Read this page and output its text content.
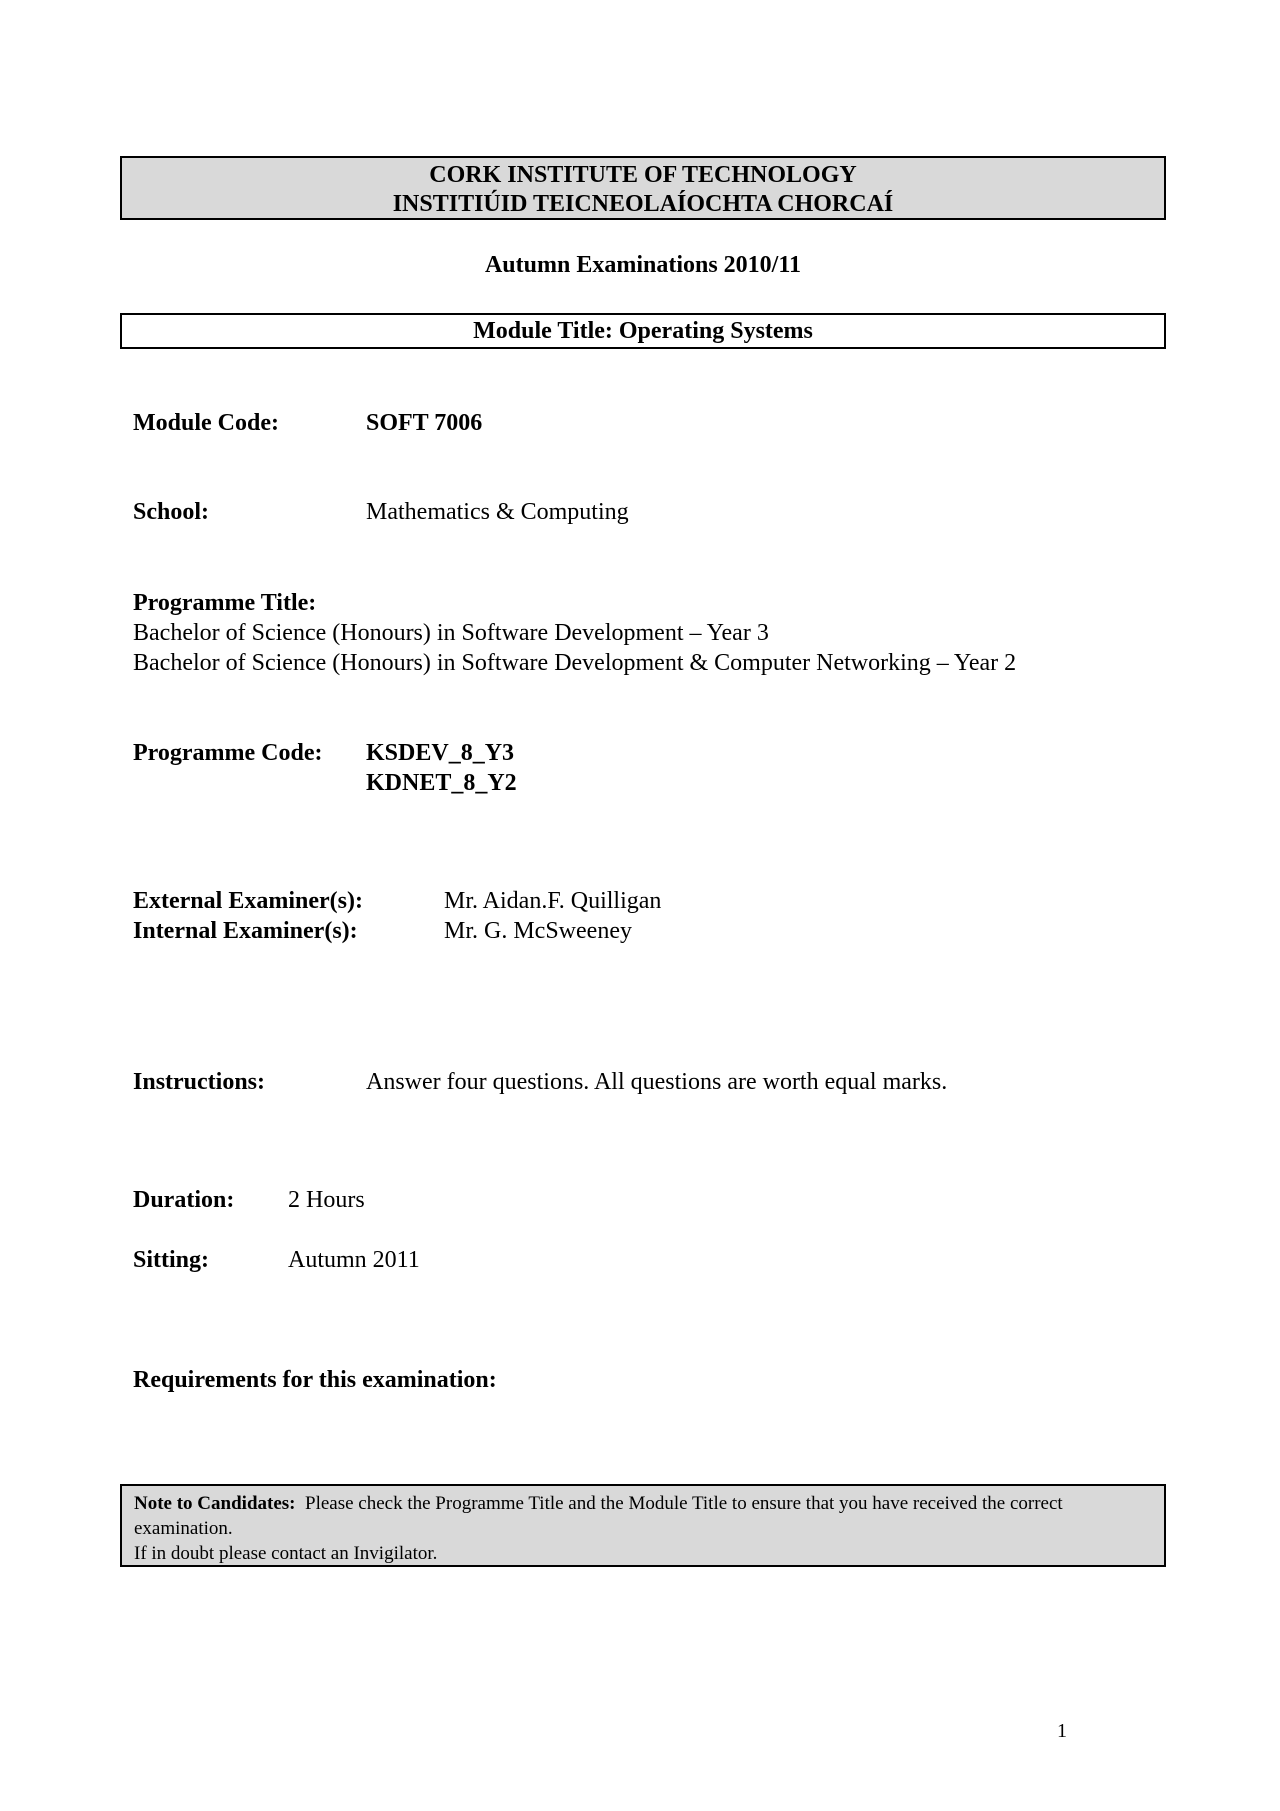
CORK INSTITUTE OF TECHNOLOGY
INSTITIÚID TEICNEOLAÍOCHTA CHORCAÍ
Autumn Examinations 2010/11
Module Title: Operating Systems
Module Code:	SOFT 7006
School:	Mathematics & Computing
Programme Title:
Bachelor of Science (Honours) in Software Development – Year 3
Bachelor of Science (Honours) in Software Development & Computer Networking – Year 2
Programme Code: KSDEV_8_Y3
KDNET_8_Y2
External Examiner(s):	Mr. Aidan.F. Quilligan
Internal Examiner(s):	Mr. G. McSweeney
Instructions:	Answer four questions. All questions are worth equal marks.
Duration: 2 Hours
Sitting:	Autumn 2011
Requirements for this examination:
Note to Candidates: Please check the Programme Title and the Module Title to ensure that you have received the correct examination.
If in doubt please contact an Invigilator.
1
